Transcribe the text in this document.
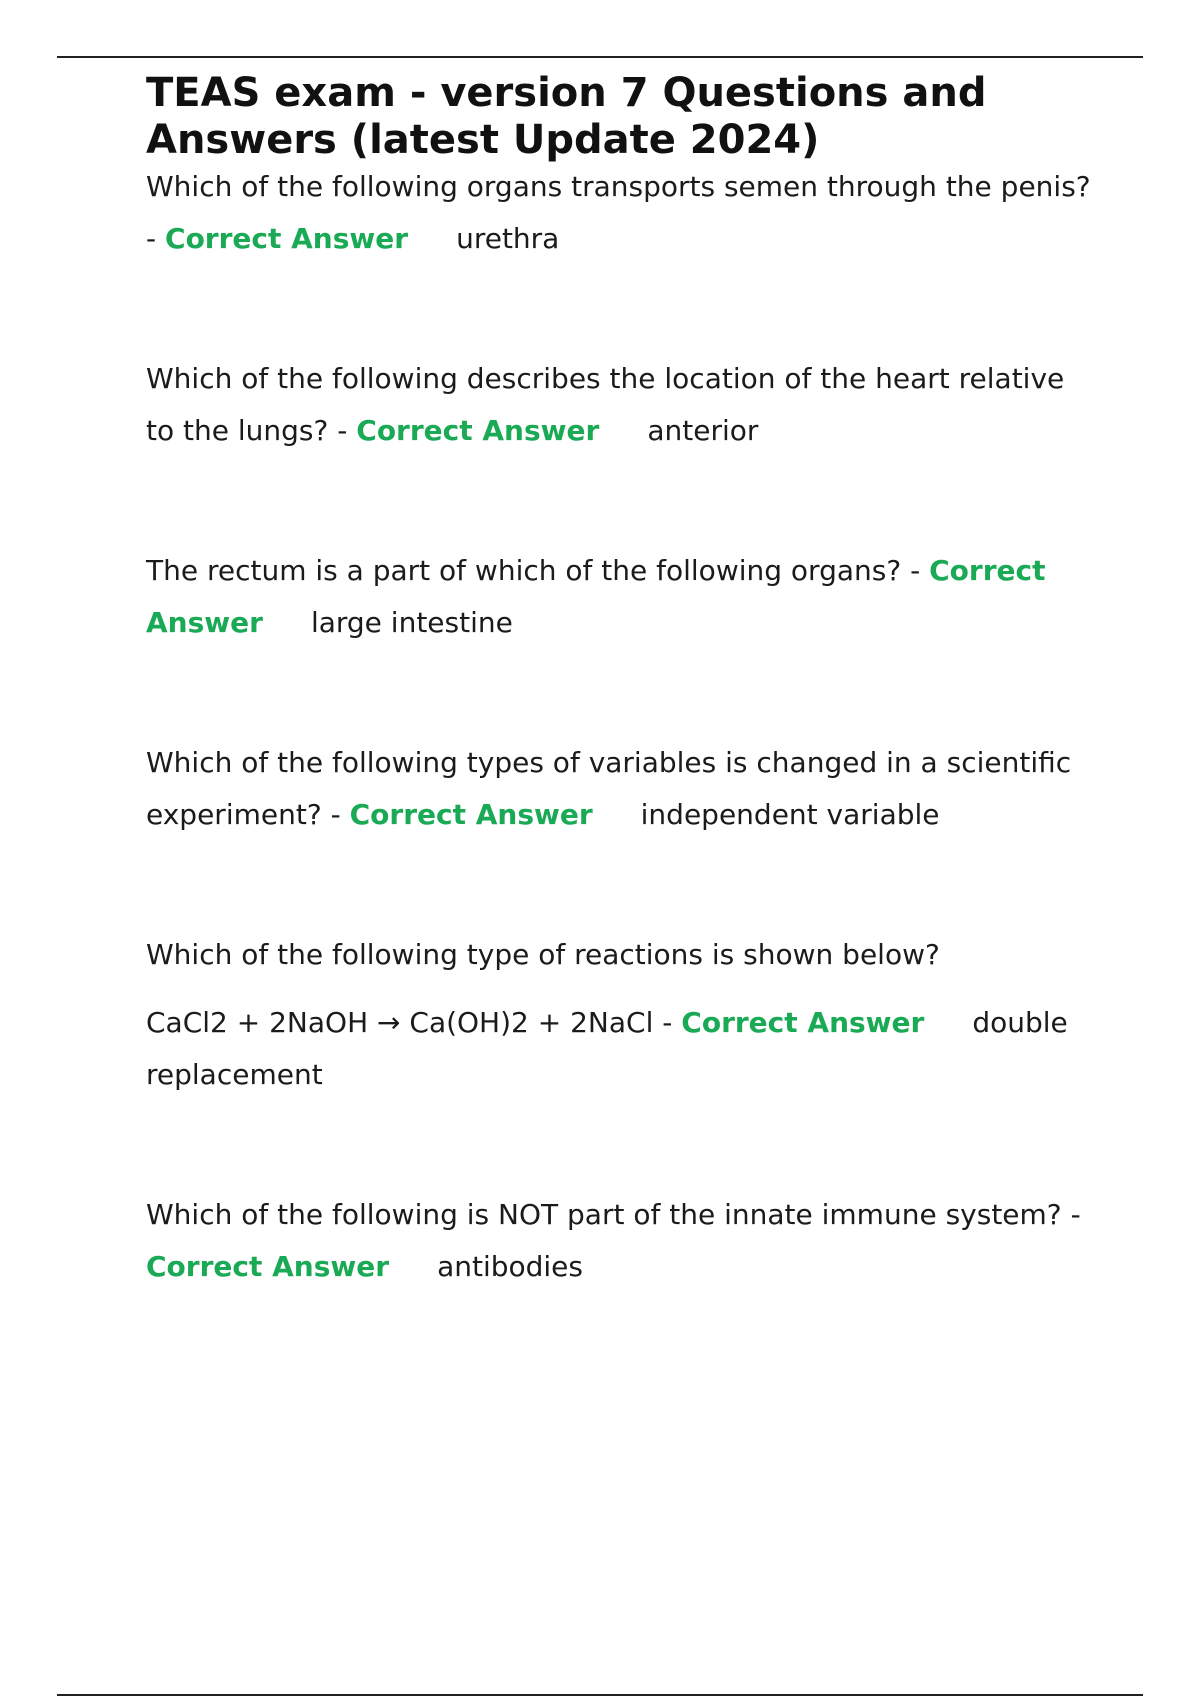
TEAS exam - version 7 Questions and Answers (latest Update 2024)
Which of the following organs transports semen through the penis? - Correct Answer urethra
Which of the following describes the location of the heart relative to the lungs? - Correct Answer anterior
The rectum is a part of which of the following organs? - Correct Answer large intestine
Which of the following types of variables is changed in a scientific experiment? - Correct Answer independent variable
Which of the following type of reactions is shown below?
CaCl2 + 2NaOH → Ca(OH)2 + 2NaCl - Correct Answer double replacement
Which of the following is NOT part of the innate immune system? - Correct Answer antibodies
